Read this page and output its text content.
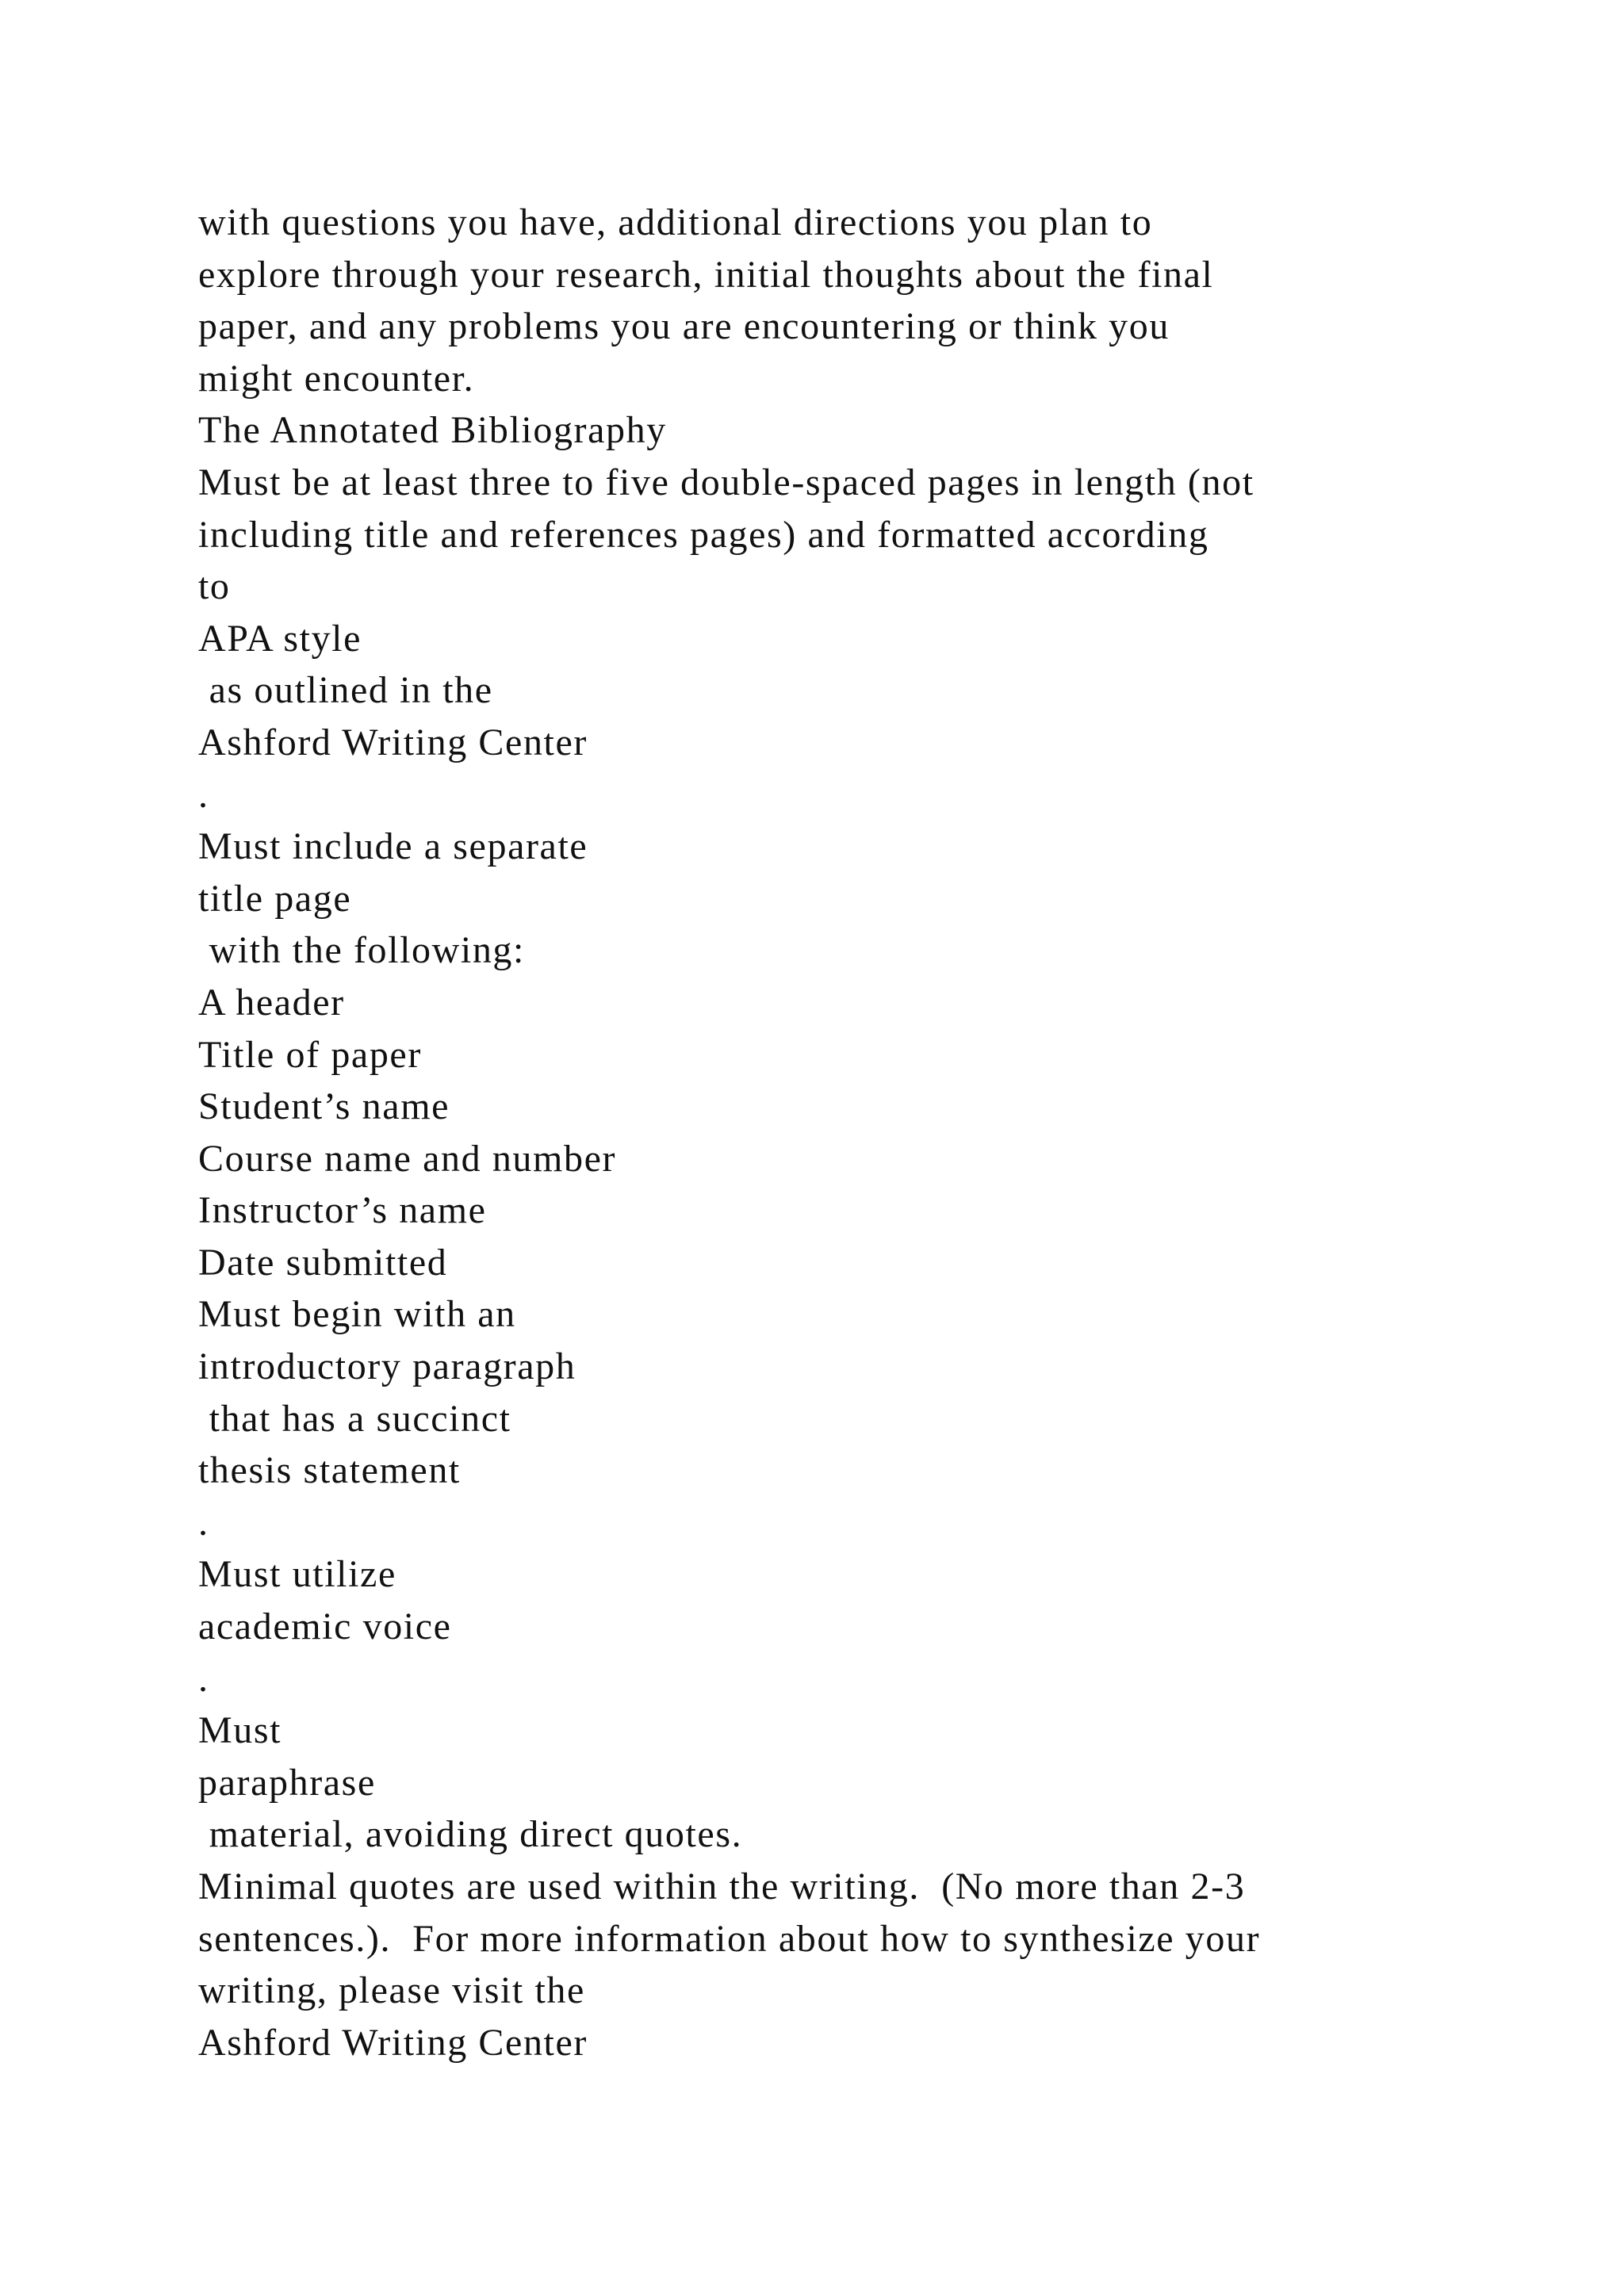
with questions you have, additional directions you plan to
explore through your research, initial thoughts about the final
paper, and any problems you are encountering or think you
might encounter.
The Annotated Bibliography
Must be at least three to five double-spaced pages in length (not
including title and references pages) and formatted according
to
APA style
as outlined in the
Ashford Writing Center
.
Must include a separate
title page
with the following:
A header
Title of paper
Student’s name
Course name and number
Instructor’s name
Date submitted
Must begin with an
introductory paragraph
that has a succinct
thesis statement
.
Must utilize
academic voice
.
Must
paraphrase
material, avoiding direct quotes.
Minimal quotes are used within the writing.  (No more than 2-3
sentences.).  For more information about how to synthesize your
writing, please visit the
Ashford Writing Center
